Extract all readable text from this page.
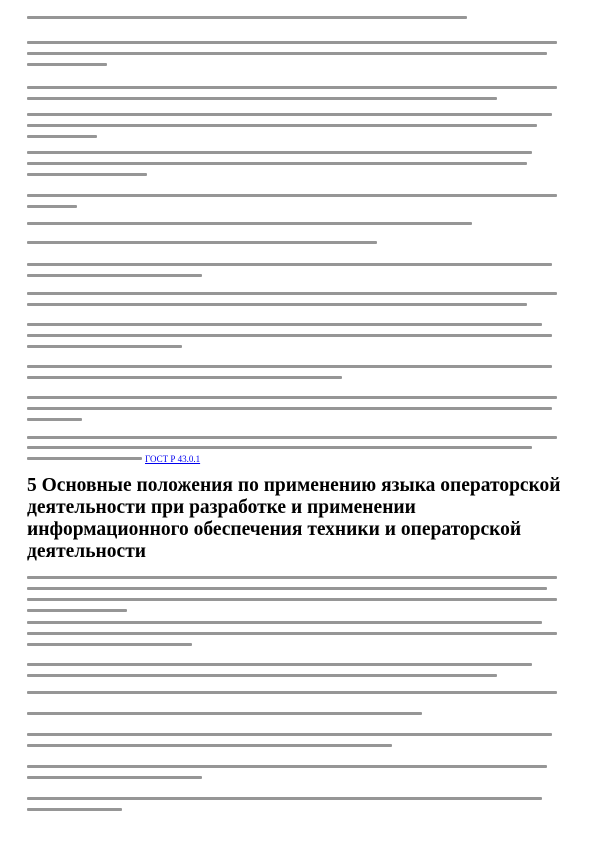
ГОСТ Р 43.0.1
5 Основные положения по применению языка операторской деятельности при разработке и применении информационного обеспечения техники и операторской деятельности
